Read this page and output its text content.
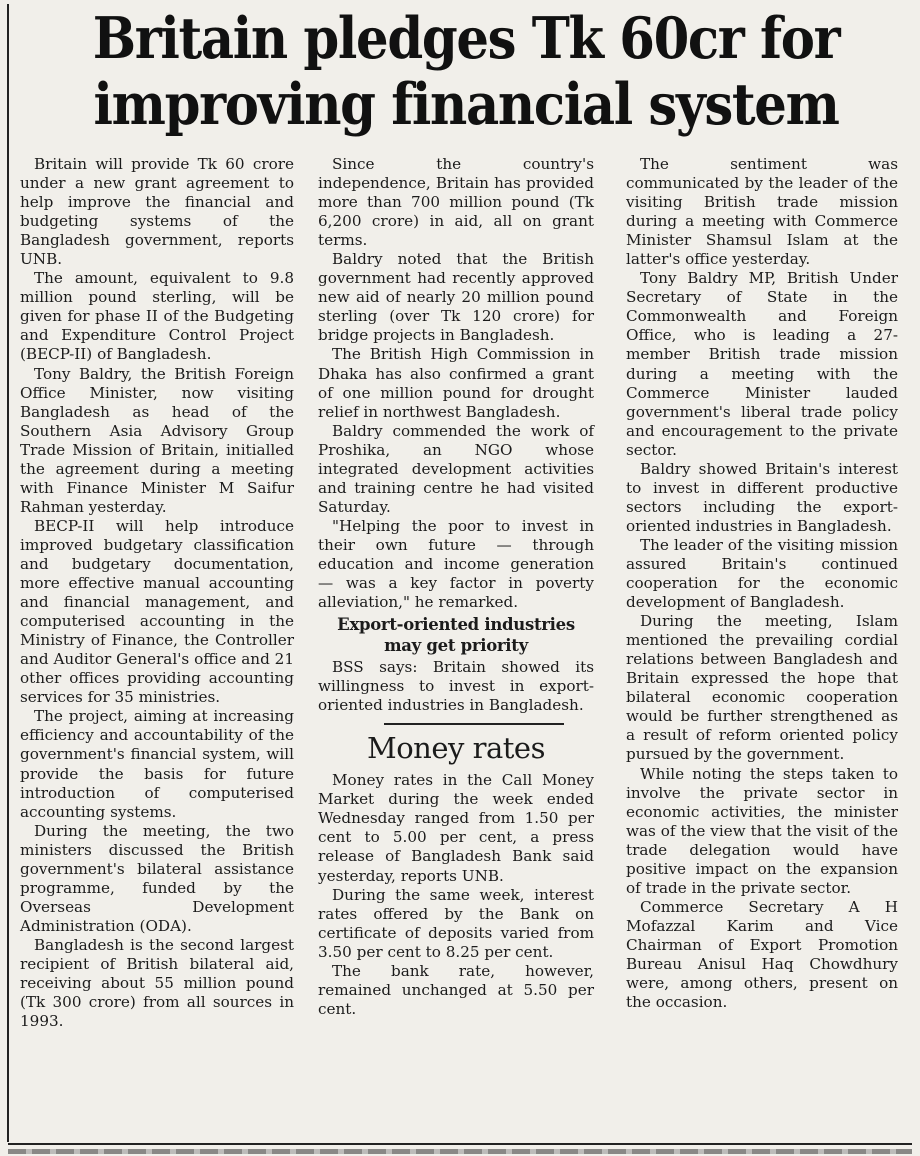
Britain pledges Tk 60cr for improving financial system

Britain will provide Tk 60 crore under a new grant agreement to help improve the financial and budgeting systems of the Bangladesh government, reports UNB.

The amount, equivalent to 9.8 million pound sterling, will be given for phase II of the Budgeting and Expenditure Control Project (BECP-II) of Bangladesh.

Tony Baldry, the British Foreign Office Minister, now visiting Bangladesh as head of the Southern Asia Advisory Group Trade Mission of Britain, initialled the agreement during a meeting with Finance Minister M Saifur Rahman yesterday.

BECP-II will help introduce improved budgetary classification and budgetary documentation, more effective manual accounting and financial management, and computerised accounting in the Ministry of Finance, the Controller and Auditor General's office and 21 other offices providing accounting services for 35 ministries.

The project, aiming at increasing efficiency and accountability of the government's financial system, will provide the basis for future introduction of computerised accounting systems.

During the meeting, the two ministers discussed the British government's bilateral assistance programme, funded by the Overseas Development Administration (ODA).

Bangladesh is the second largest recipient of British bilateral aid, receiving about 55 million pound (Tk 300 crore) from all sources in 1993.

Since the country's independence, Britain has provided more than 700 million pound (Tk 6,200 crore) in aid, all on grant terms.

Baldry noted that the British government had recently approved new aid of nearly 20 million pound sterling (over Tk 120 crore) for bridge projects in Bangladesh.

The British High Commission in Dhaka has also confirmed a grant of one million pound for drought relief in northwest Bangladesh.

Baldry commended the work of Proshika, an NGO whose integrated development activities and training centre he had visited Saturday.

"Helping the poor to invest in their own future — through education and income generation — was a key factor in poverty alleviation," he remarked.

Export-oriented industries may get priority

BSS says: Britain showed its willingness to invest in export-oriented industries in Bangladesh.

Money rates

Money rates in the Call Money Market during the week ended Wednesday ranged from 1.50 per cent to 5.00 per cent, a press release of Bangladesh Bank said yesterday, reports UNB.

During the same week, interest rates offered by the Bank on certificate of deposits varied from 3.50 per cent to 8.25 per cent.

The bank rate, however, remained unchanged at 5.50 per cent.

The sentiment was communicated by the leader of the visiting British trade mission during a meeting with Commerce Minister Shamsul Islam at the latter's office yesterday.

Tony Baldry MP, British Under Secretary of State in the Commonwealth and Foreign Office, who is leading a 27-member British trade mission during a meeting with the Commerce Minister lauded government's liberal trade policy and encouragement to the private sector.

Baldry showed Britain's interest to invest in different productive sectors including the export-oriented industries in Bangladesh.

The leader of the visiting mission assured Britain's continued cooperation for the economic development of Bangladesh.

During the meeting, Islam mentioned the prevailing cordial relations between Bangladesh and Britain expressed the hope that bilateral economic cooperation would be further strengthened as a result of reform oriented policy pursued by the government.

While noting the steps taken to involve the private sector in economic activities, the minister was of the view that the visit of the trade delegation would have positive impact on the expansion of trade in the private sector.

Commerce Secretary A H Mofazzal Karim and Vice Chairman of Export Promotion Bureau Anisul Haq Chowdhury were, among others, present on the occasion.
